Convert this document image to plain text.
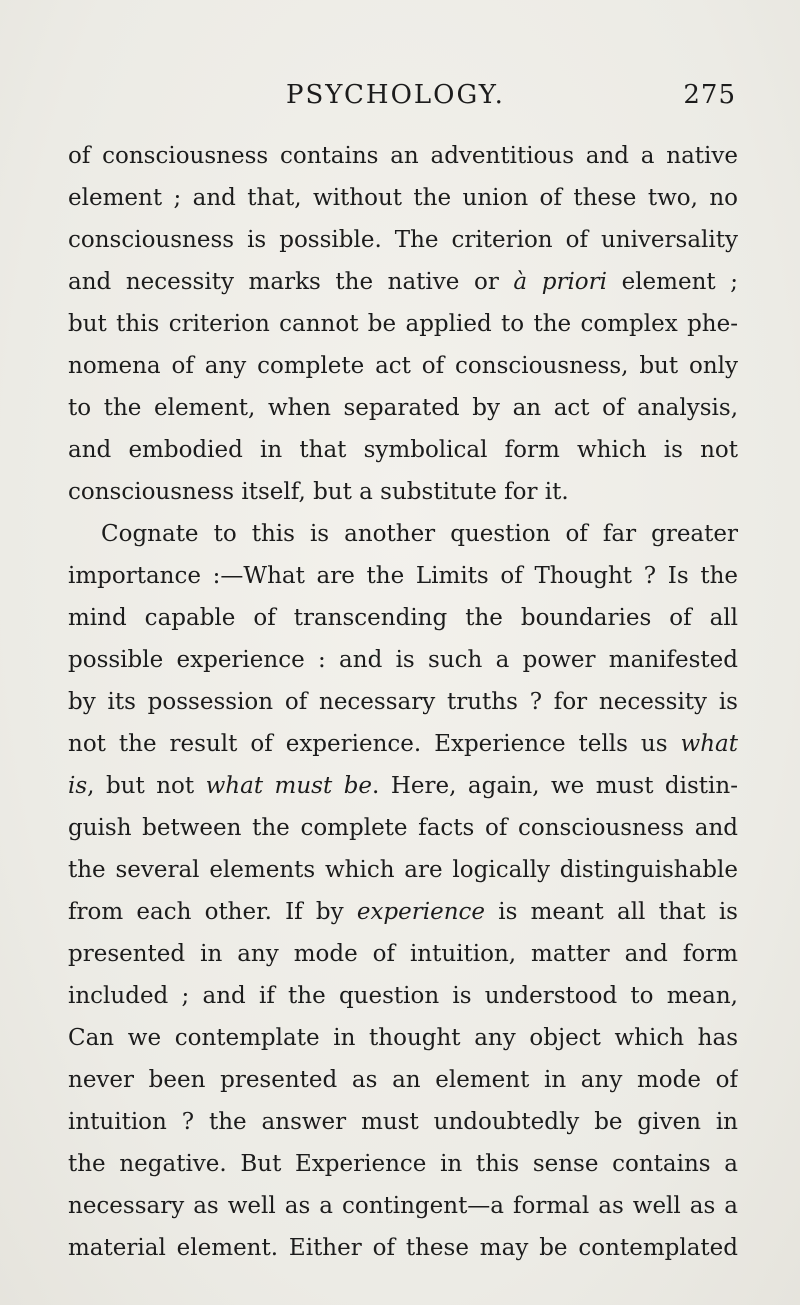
PSYCHOLOGY.	275
of consciousness contains an adventitious and a native
element ; and that, without the union of these two, no
consciousness is possible. The criterion of universality
and necessity marks the native or à priori element ;
but this criterion cannot be applied to the complex phe-
nomena of any complete act of consciousness, but only
to the element, when separated by an act of analysis,
and embodied in that symbolical form which is not
consciousness itself, but a substitute for it.
Cognate to this is another question of far greater
importance :—What are the Limits of Thought ? Is the
mind capable of transcending the boundaries of all
possible experience : and is such a power manifested
by its possession of necessary truths ? for necessity is
not the result of experience. Experience tells us what
is, but not what must be. Here, again, we must distin-
guish between the complete facts of consciousness and
the several elements which are logically distinguishable
from each other. If by experience is meant all that is
presented in any mode of intuition, matter and form
included ; and if the question is understood to mean,
Can we contemplate in thought any object which has
never been presented as an element in any mode of
intuition ? the answer must undoubtedly be given in
the negative. But Experience in this sense contains a
necessary as well as a contingent—a formal as well as a
material element. Either of these may be contemplated
